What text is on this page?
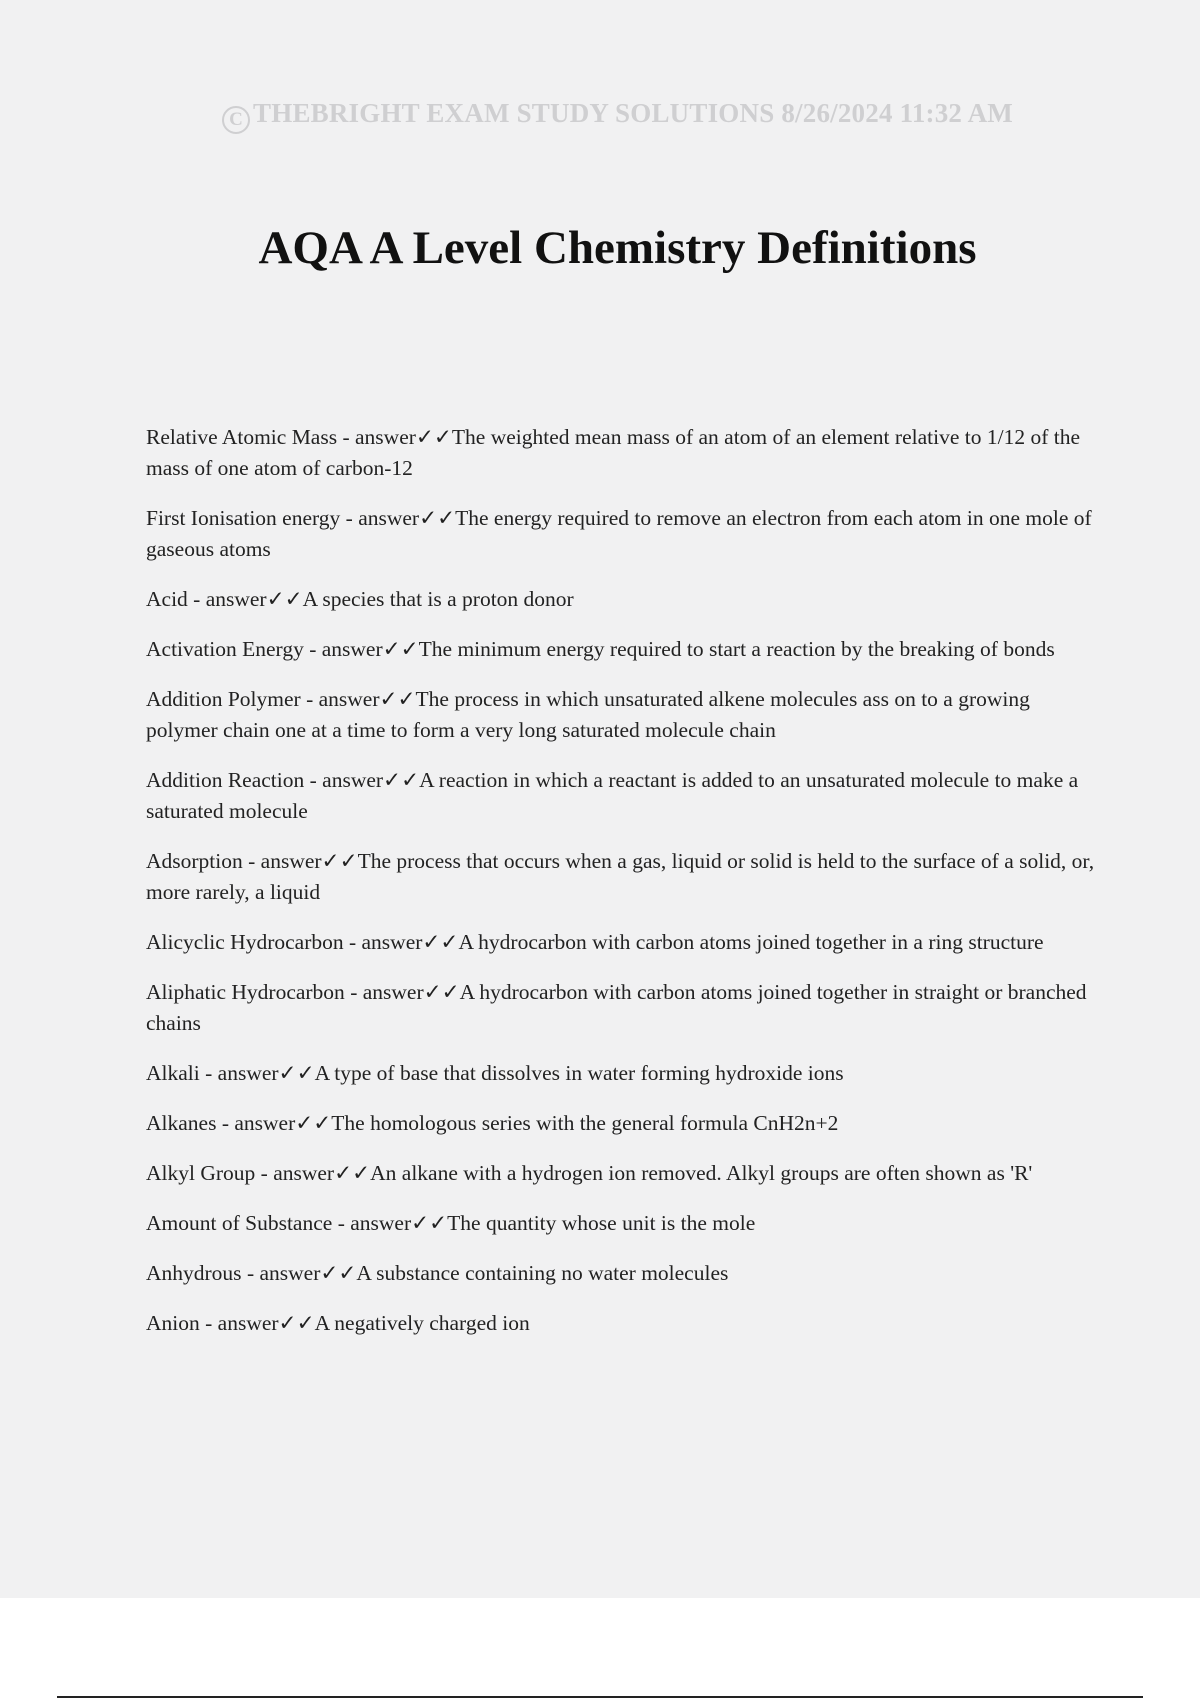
C THEBRIGHT EXAM STUDY SOLUTIONS 8/26/2024 11:32 AM
AQA A Level Chemistry Definitions
Relative Atomic Mass - answer✓✓The weighted mean mass of an atom of an element relative to 1/12 of the mass of one atom of carbon-12
First Ionisation energy - answer✓✓The energy required to remove an electron from each atom in one mole of gaseous atoms
Acid - answer✓✓A species that is a proton donor
Activation Energy - answer✓✓The minimum energy required to start a reaction by the breaking of bonds
Addition Polymer - answer✓✓The process in which unsaturated alkene molecules ass on to a growing polymer chain one at a time to form a very long saturated molecule chain
Addition Reaction - answer✓✓A reaction in which a reactant is added to an unsaturated molecule to make a saturated molecule
Adsorption - answer✓✓The process that occurs when a gas, liquid or solid is held to the surface of a solid, or, more rarely, a liquid
Alicyclic Hydrocarbon - answer✓✓A hydrocarbon with carbon atoms joined together in a ring structure
Aliphatic Hydrocarbon - answer✓✓A hydrocarbon with carbon atoms joined together in straight or branched chains
Alkali - answer✓✓A type of base that dissolves in water forming hydroxide ions
Alkanes - answer✓✓The homologous series with the general formula CnH2n+2
Alkyl Group - answer✓✓An alkane with a hydrogen ion removed. Alkyl groups are often shown as 'R'
Amount of Substance - answer✓✓The quantity whose unit is the mole
Anhydrous - answer✓✓A substance containing no water molecules
Anion - answer✓✓A negatively charged ion
